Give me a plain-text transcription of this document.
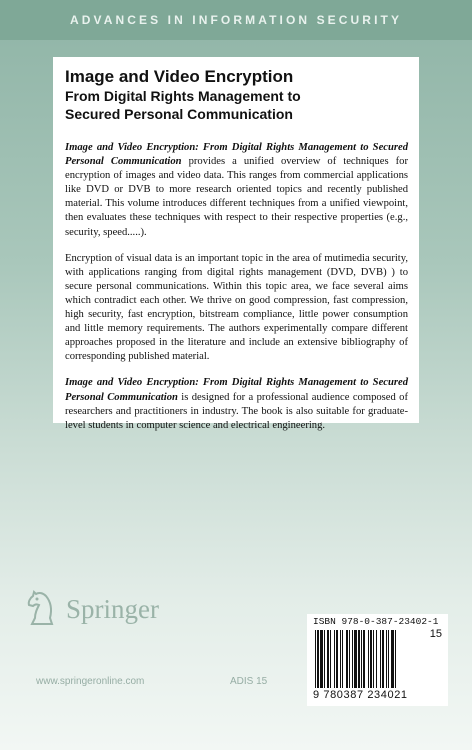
ADVANCES IN INFORMATION SECURITY
Image and Video Encryption
From Digital Rights Management to
Secured Personal Communication

Image and Video Encryption: From Digital Rights Management to Secured Personal Communication provides a unified overview of techniques for encryption of images and video data. This ranges from commercial applications like DVD or DVB to more research oriented topics and recently published material. This volume introduces different techniques from a unified viewpoint, then evaluates these techniques with respect to their respective properties (e.g., security, speed.....).

Encryption of visual data is an important topic in the area of mutimedia security, with applications ranging from digital rights management (DVD, DVB) ) to secure personal communications. Within this topic area, we face several aims which contradict each other. We thrive on good compression, fast compression, high security, fast encryption, bitstream compliance, little power consumption and little memory requirements. The authors experimentally compare different approaches proposed in the literature and include an extensive bibliography of corresponding published material.

Image and Video Encryption: From Digital Rights Management to Secured Personal Communication is designed for a professional audience composed of researchers and practitioners in industry. The book is also suitable for graduate-level students in computer science and electrical engineering.

Springer
www.springeronline.com	ADIS 15
ISBN 978-0-387-23402-1
15
9 780387 234021
